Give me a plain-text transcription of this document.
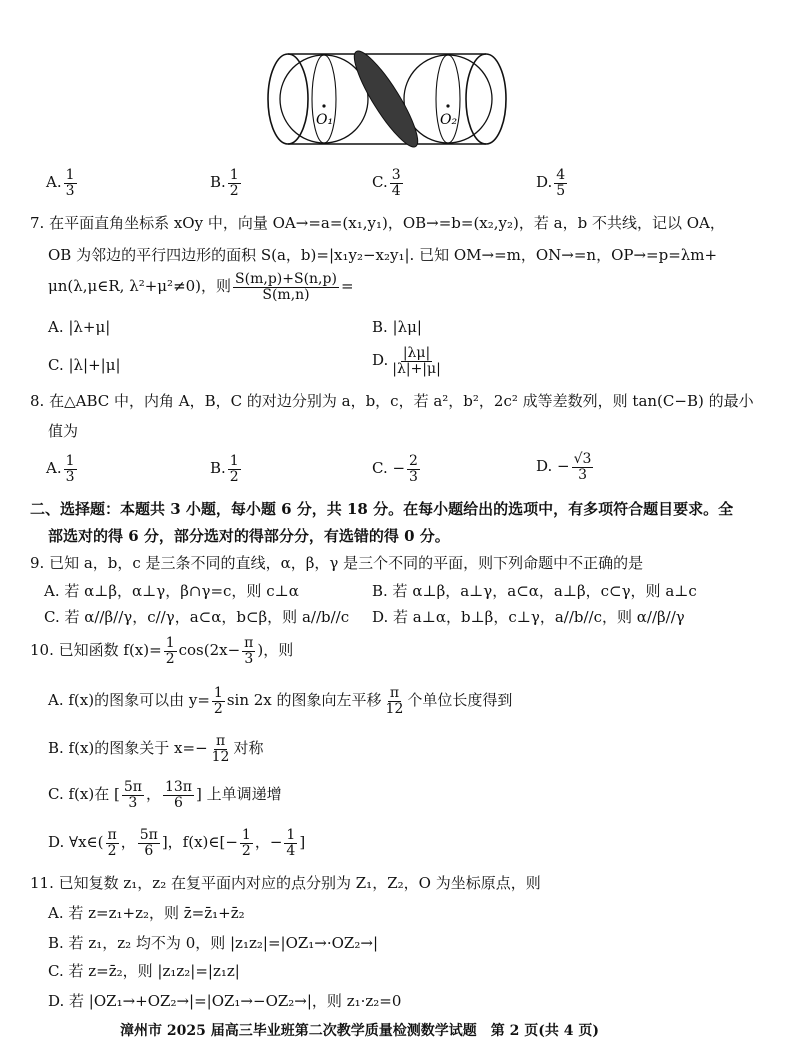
O₁	O₂
A. $\frac{1}{3}$	B. $\frac{1}{2}$	C. $\frac{3}{4}$	D. $\frac{4}{5}$
7. 在平面直角坐标系 xOy 中，向量 OA→=a=(x₁,y₁)，OB→=b=(x₂,y₂)，若 a，b 不共线，记以 OA，
OB 为邻边的平行四边形的面积 S(a，b)=|x₁y₂−x₂y₁|. 已知 OM→=m，ON→=n，OP→=p=λm+
μn(λ,μ∈R, λ²+μ²≠0)，则 $\frac{S(m,p)+S(n,p)}{S(m,n)}$ =
A. |λ+μ|	B. |λμ|
C. |λ|+|μ|	D. $\frac{|\lambda\mu|}{|\lambda|+|\mu|}$
8. 在△ABC 中，内角 A，B，C 的对边分别为 a，b，c，若 a²，b²，2c² 成等差数列，则 tan(C−B) 的最小
值为
A. $\frac{1}{3}$	B. $\frac{1}{2}$	C. − $\frac{2}{3}$	D. − $\frac{√3}{3}$
二、选择题：本题共 3 小题，每小题 6 分，共 18 分。在每小题给出的选项中，有多项符合题目要求。全
部选对的得 6 分，部分选对的得部分分，有选错的得 0 分。
9. 已知 a，b，c 是三条不同的直线，α，β，γ 是三个不同的平面，则下列命题中不正确的是
A. 若 α⊥β，α⊥γ，β∩γ=c，则 c⊥α	B. 若 α⊥β，a⊥γ，a⊂α，a⊥β，c⊂γ，则 a⊥c
C. 若 α//β//γ，c//γ，a⊂α，b⊂β，则 a//b//c D. 若 a⊥α，b⊥β，c⊥γ，a//b//c，则 α//β//γ
10. 已知函数 $f(x)= \frac{1}{2} \cos(2x- \frac{\pi}{3}$ )，则
A. f(x)的图象可以由 $y= \frac{1}{2}$ sin 2x 的图象向左平移 $\frac{\pi}{12}$ 个单位长度得到
B. f(x)的图象关于 $x=- \frac{\pi}{12}$ 对称
C. f(x)在 [ $\frac{5\pi}{3}$ ， $\frac{13\pi}{6}$ ] 上单调递增
D. ∀x∈( $\frac{\pi}{2}$ ， $\frac{5\pi}{6}$ ]，f(x)∈[− $\frac{1}{2}$ ，− $\frac{1}{4}$ ]
11. 已知复数 z₁，z₂ 在复平面内对应的点分别为 Z₁，Z₂，O 为坐标原点，则
A. 若 z=z₁+z₂，则 z̄=z̄₁+z̄₂
B. 若 z₁，z₂ 均不为 0，则 |z₁z₂|=|OZ₁→·OZ₂→|
C. 若 z=z̄₂，则 |z₁z₂|=|z₁z|
D. 若 |OZ₁→+OZ₂→|=|OZ₁→−OZ₂→|，则 z₁·z₂=0
漳州市 2025 届高三毕业班第二次教学质量检测数学试题　第 2 页(共 4 页)
